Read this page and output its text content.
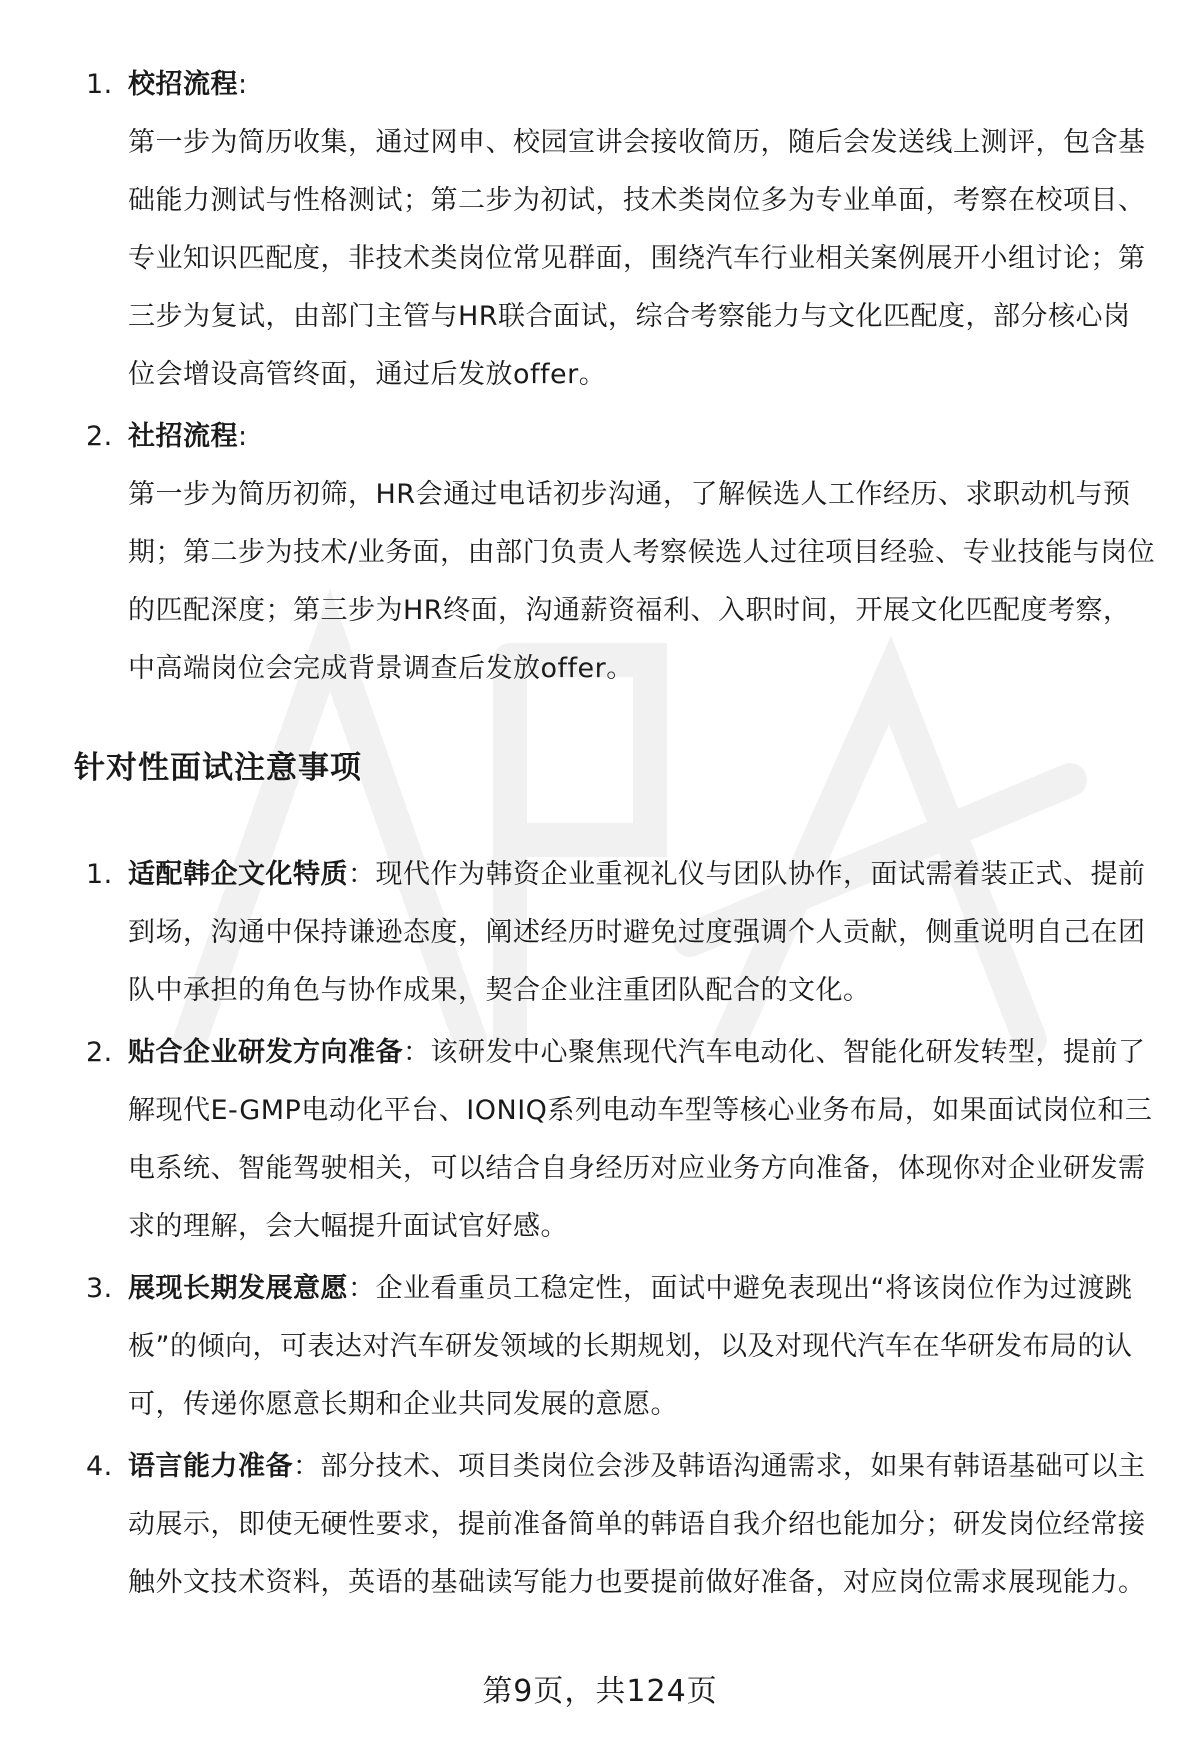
1. 校招流程:
第一步为简历收集，通过网申、校园宣讲会接收简历，随后会发送线上测评，包含基础能力测试与性格测试；第二步为初试，技术类岗位多为专业单面，考察在校项目、专业知识匹配度，非技术类岗位常见群面，围绕汽车行业相关案例展开小组讨论；第三步为复试，由部门主管与HR联合面试，综合考察能力与文化匹配度，部分核心岗位会增设高管终面，通过后发放offer。
2. 社招流程:
第一步为简历初筛，HR会通过电话初步沟通，了解候选人工作经历、求职动机与预期；第二步为技术/业务面，由部门负责人考察候选人过往项目经验、专业技能与岗位的匹配深度；第三步为HR终面，沟通薪资福利、入职时间，开展文化匹配度考察，中高端岗位会完成背景调查后发放offer。
针对性面试注意事项
1. 适配韩企文化特质：现代作为韩资企业重视礼仪与团队协作，面试需着装正式、提前到场，沟通中保持谦逊态度，阐述经历时避免过度强调个人贡献，侧重说明自己在团队中承担的角色与协作成果，契合企业注重团队配合的文化。
2. 贴合企业研发方向准备：该研发中心聚焦现代汽车电动化、智能化研发转型，提前了解现代E-GMP电动化平台、IONIQ系列电动车型等核心业务布局，如果面试岗位和三电系统、智能驾驶相关，可以结合自身经历对应业务方向准备，体现你对企业研发需求的理解，会大幅提升面试官好感。
3. 展现长期发展意愿：企业看重员工稳定性，面试中避免表现出“将该岗位作为过渡跳板”的倾向，可表达对汽车研发领域的长期规划，以及对现代汽车在华研发布局的认可，传递你愿意长期和企业共同发展的意愿。
4. 语言能力准备：部分技术、项目类岗位会涉及韩语沟通需求，如果有韩语基础可以主动展示，即使无硬性要求，提前准备简单的韩语自我介绍也能加分；研发岗位经常接触外文技术资料，英语的基础读写能力也要提前做好准备，对应岗位需求展现能力。
第9页，共124页
